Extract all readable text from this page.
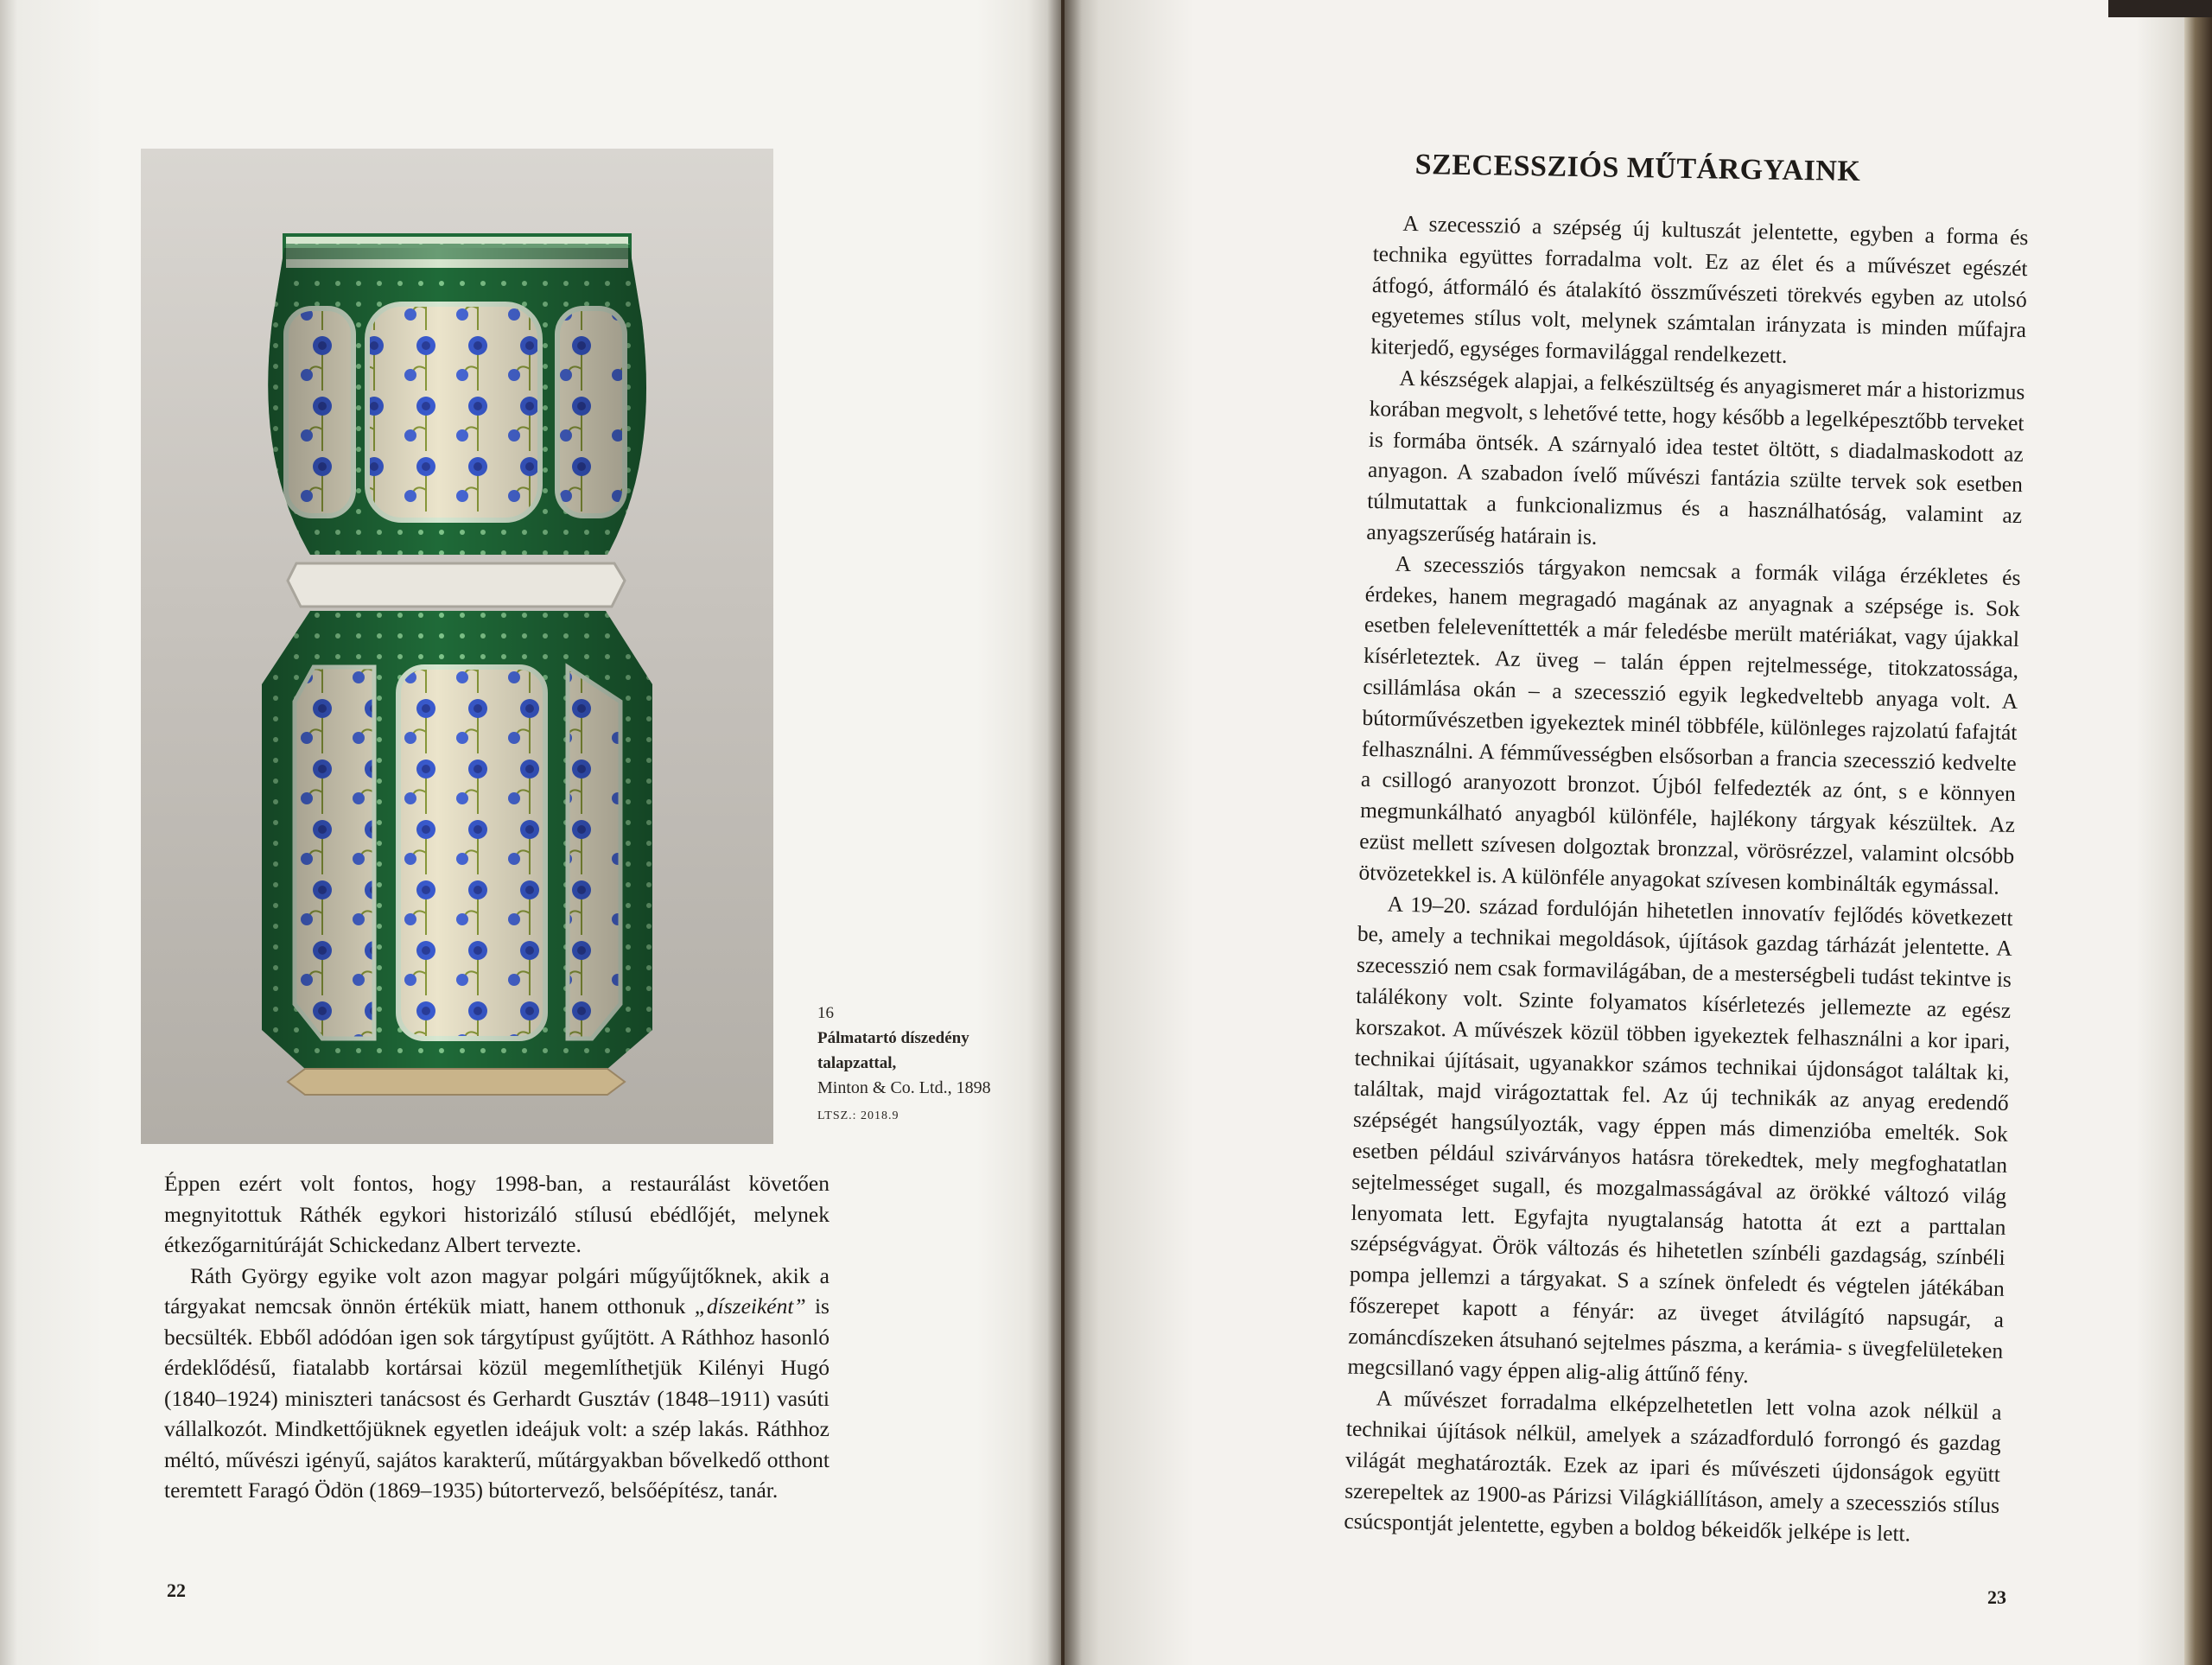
16
Pálmatartó díszedény
talapzattal,
Minton & Co. Ltd., 1898
LTSZ.: 2018.9

Éppen ezért volt fontos, hogy 1998-ban, a restaurálást követően megnyitottuk Ráthék egykori historizáló stílusú ebédlőjét, melynek étkezőgarnitúráját Schickedanz Albert tervezte.

Ráth György egyike volt azon magyar polgári műgyűjtőknek, akik a tárgyakat nemcsak önnön értékük miatt, hanem otthonuk „díszeiként” is becsülték. Ebből adódóan igen sok tárgytípust gyűjtött. A Ráthhoz hasonló érdeklődésű, fiatalabb kortársai közül megemlíthetjük Kilényi Hugó (1840–1924) miniszteri tanácsost és Gerhardt Gusztáv (1848–1911) vasúti vállalkozót. Mindkettőjüknek egyetlen ideájuk volt: a szép lakás. Ráthhoz méltó, művészi igényű, sajátos karakterű, műtárgyakban bővelkedő otthont teremtett Faragó Ödön (1869–1935) bútortervező, belsőépítész, tanár.

22
SZECESSZIÓS MŰTÁRGYAINK

A szecesszió a szépség új kultuszát jelentette, egyben a forma és technika együttes forradalma volt. Ez az élet és a művészet egészét átfogó, átformáló és átalakító összművészeti törekvés egyben az utolsó egyetemes stílus volt, melynek számtalan irányzata is minden műfajra kiterjedő, egységes formavilággal rendelkezett.

A készségek alapjai, a felkészültség és anyagismeret már a historizmus korában megvolt, s lehetővé tette, hogy később a legelképesztőbb terveket is formába öntsék. A szárnyaló idea testet öltött, s diadalmaskodott az anyagon. A szabadon ívelő művészi fantázia szülte tervek sok esetben túlmutattak a funkcionalizmus és a használhatóság, valamint az anyagszerűség határain is.

A szecessziós tárgyakon nemcsak a formák világa érzékletes és érdekes, hanem megragadó magának az anyagnak a szépsége is. Sok esetben feleleveníttették a már feledésbe merült matériákat, vagy újakkal kísérleteztek. Az üveg – talán éppen rejtelmessége, titokzatossága, csillámlása okán – a szecesszió egyik legkedveltebb anyaga volt. A bútorművészetben igyekeztek minél többféle, különleges rajzolatú fafajtát felhasználni. A fémművességben elsősorban a francia szecesszió kedvelte a csillogó aranyozott bronzot. Újból felfedezték az ónt, s e könnyen megmunkálható anyagból különféle, hajlékony tárgyak készültek. Az ezüst mellett szívesen dolgoztak bronzzal, vörösrézzel, valamint olcsóbb ötvözetekkel is. A különféle anyagokat szívesen kombinálták egymással.

A 19–20. század fordulóján hihetetlen innovatív fejlődés következett be, amely a technikai megoldások, újítások gazdag tárházát jelentette. A szecesszió nem csak formavilágában, de a mesterségbeli tudást tekintve is találékony volt. Szinte folyamatos kísérletezés jellemezte az egész korszakot. A művészek közül többen igyekeztek felhasználni a kor ipari, technikai újításait, ugyanakkor számos technikai újdonságot találtak ki, találtak, majd virágoztattak fel. Az új technikák az anyag eredendő szépségét hangsúlyozták, vagy éppen más dimenzióba emelték. Sok esetben például szivárványos hatásra törekedtek, mely megfoghatatlan sejtelmességet sugall, és mozgalmasságával az örökké változó világ lenyomata lett. Egyfajta nyugtalanság hatotta át ezt a parttalan szépségvágyat. Örök változás és hihetetlen színbéli gazdagság, színbéli pompa jellemzi a tárgyakat. S a színek önfeledt és végtelen játékában főszerepet kapott a fényár: az üveget átvilágító napsugár, a zománcdíszeken átsuhanó sejtelmes pászma, a kerámia- s üvegfelületeken megcsillanó vagy éppen alig-alig áttűnő fény.

A művészet forradalma elképzelhetetlen lett volna azok nélkül a technikai újítások nélkül, amelyek a századforduló forrongó és gazdag világát meghatározták. Ezek az ipari és művészeti újdonságok együtt szerepeltek az 1900-as Párizsi Világkiállításon, amely a szecessziós stílus csúcspontját jelentette, egyben a boldog békeidők jelképe is lett.

23
